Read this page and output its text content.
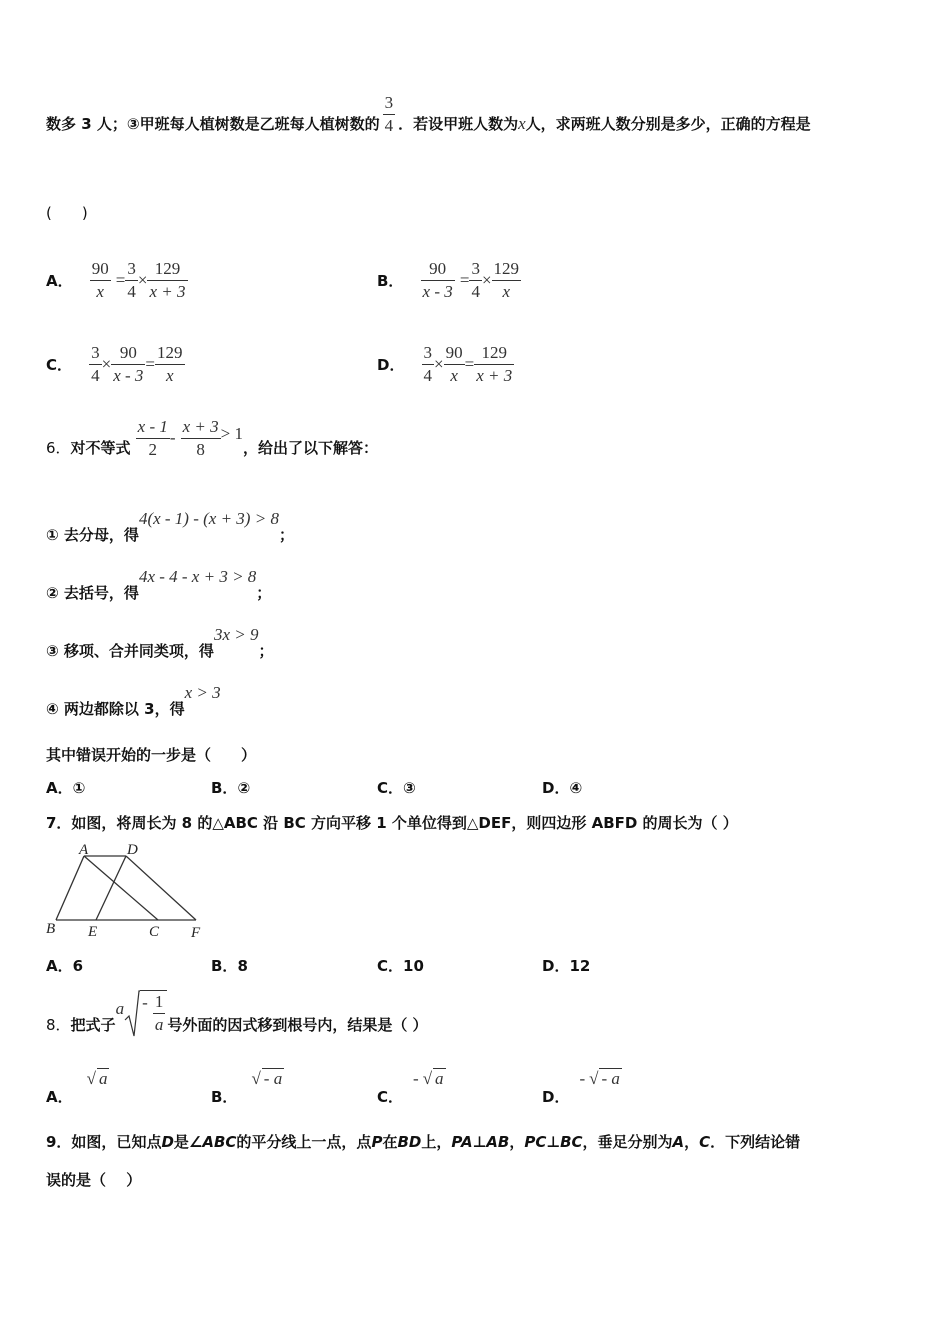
数多 3 人；③甲班每人植树数是乙班每人植树数的 $\frac{3}{4}$ ．若设甲班人数为x人，求两班人数分别是多少，正确的方程是
(　　)
A． $\frac{90}{x} = \frac{3}{4} \times \frac{129}{x + 3}$	B． $\frac{90}{x - 3} = \frac{3}{4} \times \frac{129}{x}$
C． $\frac{3}{4} \times \frac{90}{x - 3} = \frac{129}{x}$	D． $\frac{3}{4} \times \frac{90}{x} = \frac{129}{x + 3}$
6．对不等式 $\frac{x - 1}{2} - \frac{x + 3}{8} > 1$，给出了以下解答：
① 去分母，得4(x - 1) - (x + 3) > 8；
② 去括号，得4x - 4 - x + 3 > 8；
③ 移项、合并同类项，得3x > 9；
④ 两边都除以 3，得x > 3
其中错误开始的一步是（　　）
A．①	B．②	C．③	D．④
7．如图，将周长为 8 的△ABC 沿 BC 方向平移 1 个单位得到△DEF，则四边形 ABFD 的周长为（ ）
A	D
B E	C F
A．6	B．8	C．10	D．12
8．把式子a - $\frac{1}{a}$ 号外面的因式移到根号内，结果是（ ）
A．√ a
B．√ - a
C．- √ a
D．- √ - a
9．如图，已知点D是∠ABC的平分线上一点，点P在BD上，PA⊥AB，PC⊥BC，垂足分别为A，C．下列结论错
误的是（　 ）
